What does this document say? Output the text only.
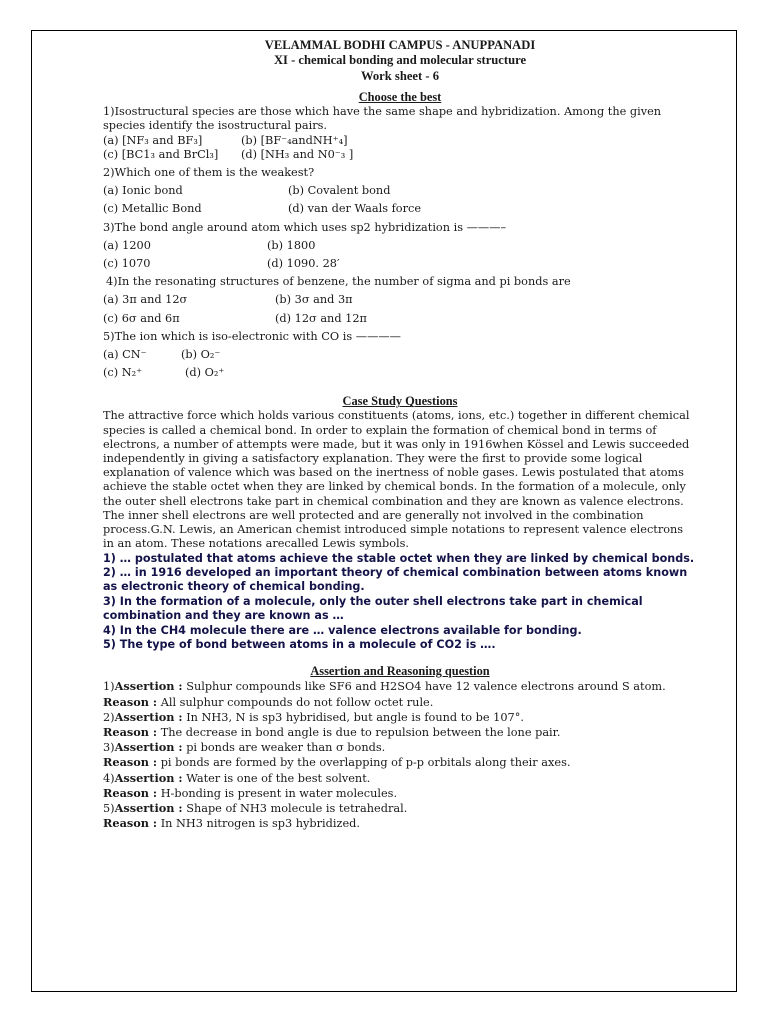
VELAMMAL BODHI CAMPUS - ANUPPANADI
XI - chemical bonding and molecular structure
Work sheet - 6
Choose the best

1)Isostructural species are those which have the same shape and hybridization. Among the given species identify the isostructural pairs.

(a) [NF₃ and BF₃]	(b) [BF⁻₄andNH⁺₄]
(c) [BC1₃ and BrCl₃]	(d) [NH₃ and N0⁻₃ ]

2)Which one of them is the weakest?

(a) Ionic bond	(b) Covalent bond
(c) Metallic Bond	(d) van der Waals force

3)The bond angle around atom which uses sp2 hybridization is ———–

(a) 1200	(b) 1800
(c) 1070	(d) 1090. 28′

4)In the resonating structures of benzene, the number of sigma and pi bonds are

(a) 3π and 12σ	(b) 3σ and 3π
(c) 6σ and 6π	(d) 12σ and 12π

5)The ion which is iso-electronic with CO is ————

(a) CN⁻	(b) O₂⁻
(c) N₂⁺	(d) O₂⁺
Case Study Questions

The attractive force which holds various constituents (atoms, ions, etc.) together in different chemical species is called a chemical bond. In order to explain the formation of chemical bond in terms of electrons, a number of attempts were made, but it was only in 1916when Kössel and Lewis succeeded independently in giving a satisfactory explanation. They were the first to provide some logical explanation of valence which was based on the inertness of noble gases. Lewis postulated that atoms achieve the stable octet when they are linked by chemical bonds. In the formation of a molecule, only the outer shell electrons take part in chemical combination and they are known as valence electrons. The inner shell electrons are well protected and are generally not involved in the combination process.G.N. Lewis, an American chemist introduced simple notations to represent valence electrons in an atom. These notations arecalled Lewis symbols.

1) … postulated that atoms achieve the stable octet when they are linked by chemical bonds.

2) … in 1916 developed an important theory of chemical combination between atoms known as electronic theory of chemical bonding.

3) In the formation of a molecule, only the outer shell electrons take part in chemical combination and they are known as …

4) In the CH4 molecule there are … valence electrons available for bonding.

5) The type of bond between atoms in a molecule of CO2 is ….

Assertion and Reasoning question

1)Assertion : Sulphur compounds like SF6 and H2SO4 have 12 valence electrons around S atom.

Reason : All sulphur compounds do not follow octet rule.

2)Assertion : In NH3, N is sp3 hybridised, but angle is found to be 107°.

Reason : The decrease in bond angle is due to repulsion between the lone pair.

3)Assertion : pi bonds are weaker than σ bonds.

Reason : pi bonds are formed by the overlapping of p-p orbitals along their axes.

4)Assertion : Water is one of the best solvent.

Reason : H-bonding is present in water molecules.

5)Assertion : Shape of NH3 molecule is tetrahedral.

Reason : In NH3 nitrogen is sp3 hybridized.
